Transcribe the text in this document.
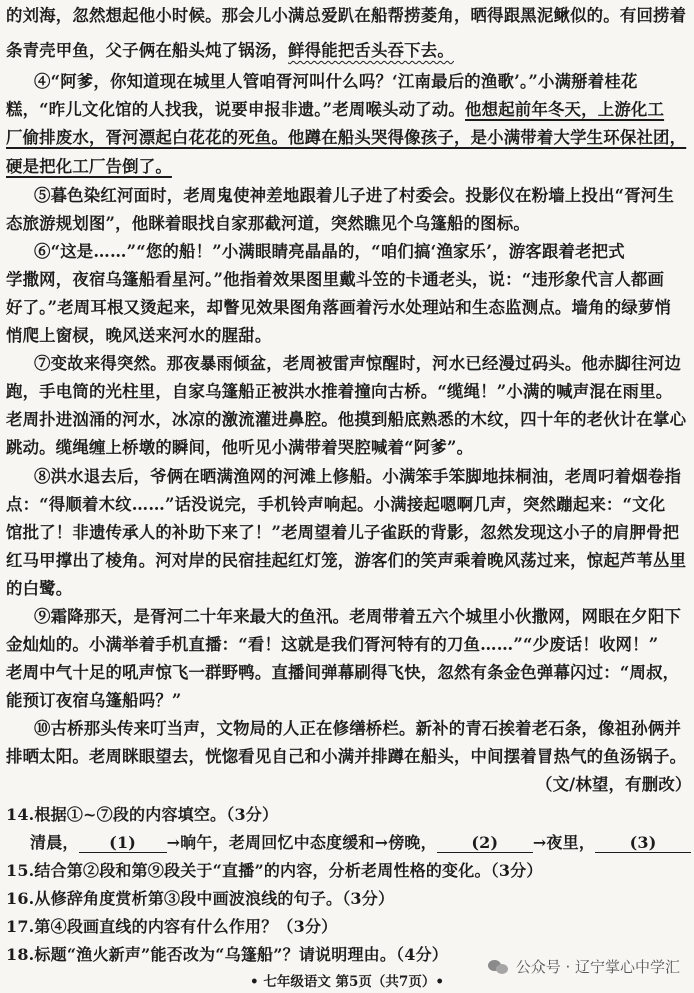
的刘海，忽然想起他小时候。那会儿小满总爱趴在船帮捞菱角，晒得跟黑泥鳅似的。有回捞着
条青壳甲鱼，父子俩在船头炖了锅汤，鲜得能把舌头吞下去。
④“阿爹，你知道现在城里人管咱胥河叫什么吗？‘江南最后的渔歌’。”小满掰着桂花
糕，“昨儿文化馆的人找我，说要申报非遗。”老周喉头动了动。他想起前年冬天，上游化工
厂偷排废水，胥河漂起白花花的死鱼。他蹲在船头哭得像孩子，是小满带着大学生环保社团，
硬是把化工厂告倒了。
⑤暮色染红河面时，老周鬼使神差地跟着儿子进了村委会。投影仪在粉墙上投出“胥河生
态旅游规划图”，他眯着眼找自家那截河道，突然瞧见个乌篷船的图标。
⑥“这是……”“您的船！”小满眼睛亮晶晶的，“咱们搞‘渔家乐’，游客跟着老把式
学撒网，夜宿乌篷船看星河。”他指着效果图里戴斗笠的卡通老头，说：“违形象代言人都画
好了。”老周耳根又烫起来，却瞥见效果图角落画着污水处理站和生态监测点。墙角的绿萝悄
悄爬上窗棂，晚风送来河水的腥甜。
⑦变故来得突然。那夜暴雨倾盆，老周被雷声惊醒时，河水已经漫过码头。他赤脚往河边
跑，手电筒的光柱里，自家乌篷船正被洪水推着撞向古桥。“缆绳！”小满的喊声混在雨里。
老周扑进汹涌的河水，冰凉的激流灌进鼻腔。他摸到船底熟悉的木纹，四十年的老伙计在掌心
跳动。缆绳缠上桥墩的瞬间，他听见小满带着哭腔喊着“阿爹”。
⑧洪水退去后，爷俩在晒满渔网的河滩上修船。小满笨手笨脚地抹桐油，老周叼着烟卷指
点：“得顺着木纹……”话没说完，手机铃声响起。小满接起嗯啊几声，突然蹦起来：“文化
馆批了！非遗传承人的补助下来了！”老周望着儿子雀跃的背影，忽然发现这小子的肩胛骨把
红马甲撑出了棱角。河对岸的民宿挂起红灯笼，游客们的笑声乘着晚风荡过来，惊起芦苇丛里
的白鹭。
⑨霜降那天，是胥河二十年来最大的鱼汛。老周带着五六个城里小伙撒网，网眼在夕阳下
金灿灿的。小满举着手机直播：“看！这就是我们胥河特有的刀鱼……”“少废话！收网！”
老周中气十足的吼声惊飞一群野鸭。直播间弹幕刷得飞快，忽然有条金色弹幕闪过：“周叔，
能预订夜宿乌篷船吗？”
⑩古桥那头传来叮当声，文物局的人正在修缮桥栏。新补的青石挨着老石条，像祖孙俩并
排晒太阳。老周眯眼望去，恍惚看见自己和小满并排蹲在船头，中间摆着冒热气的鱼汤锅子。
（文/林望，有删改）
14.根据①~⑦段的内容填空。（3分）
清晨， (1) →晌午，老周回忆中态度缓和→傍晚， (2) →夜里， (3)
15.结合第②段和第⑨段关于“直播”的内容，分析老周性格的变化。（3分）
16.从修辞角度赏析第③段中画波浪线的句子。（3分）
17.第④段画直线的内容有什么作用？（3分）
18.标题“渔火新声”能否改为“乌篷船”？请说明理由。（4分）
• 七年级语文 第5页（共7页）•
公众号 · 辽宁掌心中学汇
